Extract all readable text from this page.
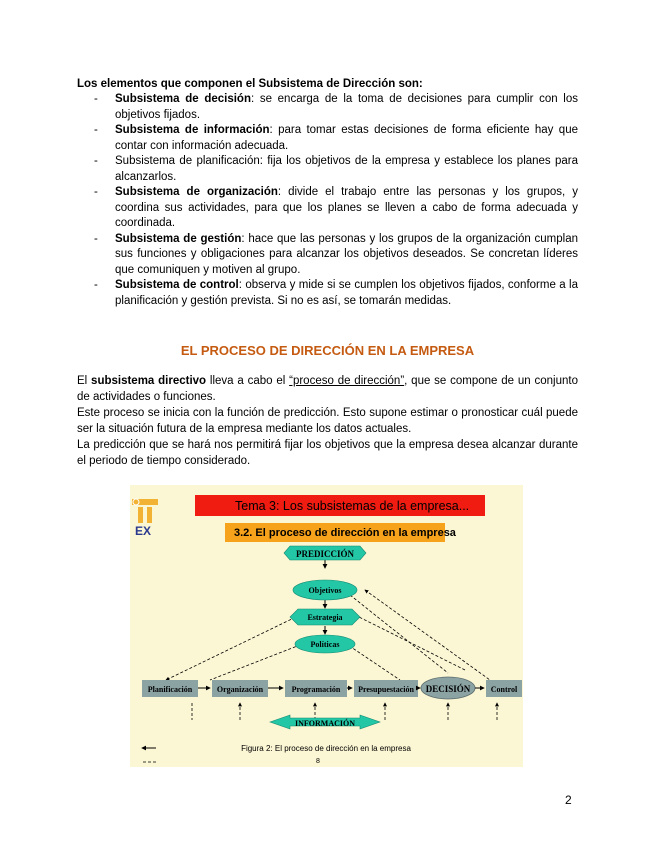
Los elementos que componen el Subsistema de Dirección son:
- Subsistema de decisión: se encarga de la toma de decisiones para cumplir con los objetivos fijados.
- Subsistema de información: para tomar estas decisiones de forma eficiente hay que contar con información adecuada.
- Subsistema de planificación: fija los objetivos de la empresa y establece los planes para alcanzarlos.
- Subsistema de organización: divide el trabajo entre las personas y los grupos, y coordina sus actividades, para que los planes se lleven a cabo de forma adecuada y coordinada.
- Subsistema de gestión: hace que las personas y los grupos de la organización cumplan sus funciones y obligaciones para alcanzar los objetivos deseados. Se concretan líderes que comuniquen y motiven al grupo.
- Subsistema de control: observa y mide si se cumplen los objetivos fijados, conforme a la planificación y gestión prevista. Si no es así, se tomarán medidas.
EL PROCESO DE DIRECCIÓN EN LA EMPRESA

El subsistema directivo lleva a cabo el “proceso de dirección”, que se compone de un conjunto de actividades o funciones.

Este proceso se inicia con la función de predicción. Esto supone estimar o pronosticar cuál puede ser la situación futura de la empresa mediante los datos actuales.

La predicción que se hará nos permitirá fijar los objetivos que la empresa desea alcanzar durante el periodo de tiempo considerado.

EX
Tema 3: Los subsistemas de la empresa...
3.2. El proceso de dirección en la empresa
PREDICCIÓN
Objetivos
Estrategia
Políticas
Planificación	Organización	Programación Presupuestación DECISIÓN	Control
INFORMACIÓN
Figura 2: El proceso de dirección en la empresa
8
2
